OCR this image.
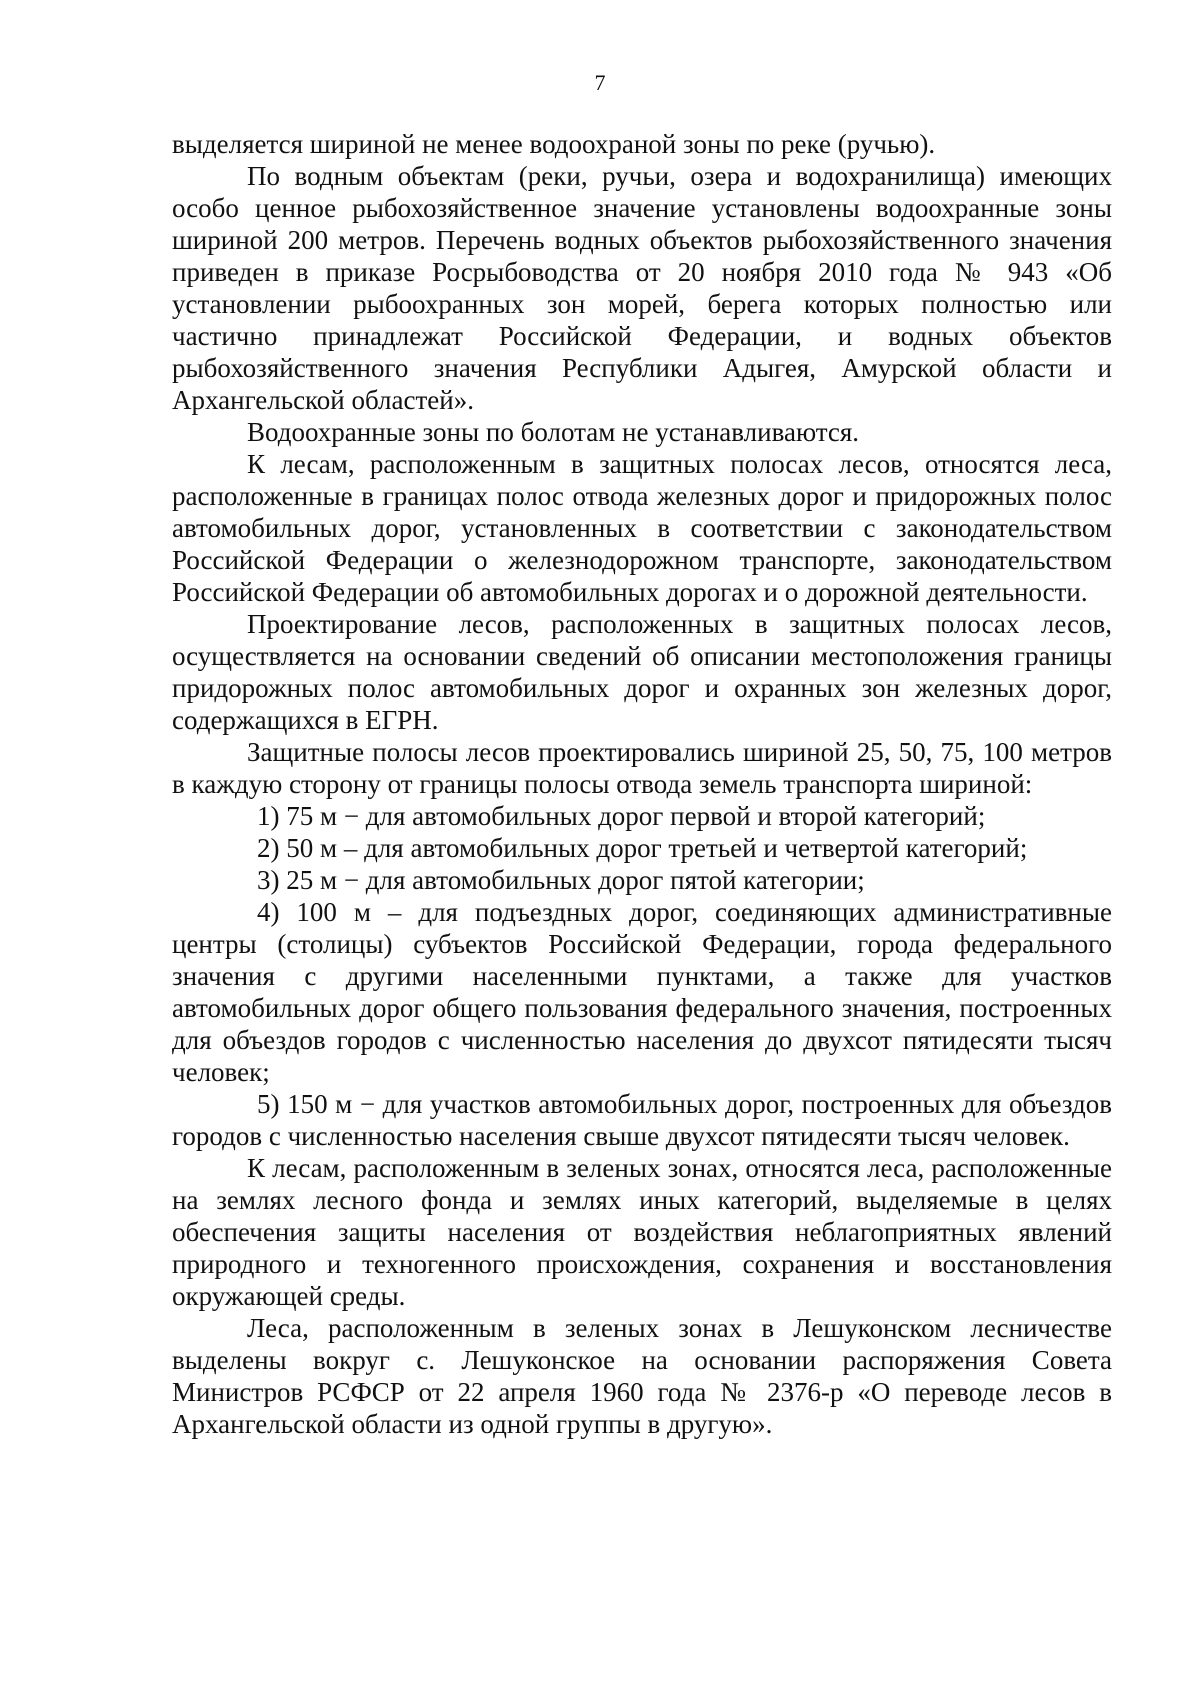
7

выделяется шириной не менее водоохраной зоны по реке (ручью).

По водным объектам (реки, ручьи, озера и водохранилища) имеющих особо ценное рыбохозяйственное значение установлены водоохранные зоны шириной 200 метров. Перечень водных объектов рыбохозяйственного значения приведен в приказе Росрыбоводства от 20 ноября 2010 года № 943 «Об установлении рыбоохранных зон морей, берега которых полностью или частично принадлежат Российской Федерации, и водных объектов рыбохозяйственного значения Республики Адыгея, Амурской области и Архангельской областей».

Водоохранные зоны по болотам не устанавливаются.

К лесам, расположенным в защитных полосах лесов, относятся леса, расположенные в границах полос отвода железных дорог и придорожных полос автомобильных дорог, установленных в соответствии с законодательством Российской Федерации о железнодорожном транспорте, законодательством Российской Федерации об автомобильных дорогах и о дорожной деятельности.

Проектирование лесов, расположенных в защитных полосах лесов, осуществляется на основании сведений об описании местоположения границы придорожных полос автомобильных дорог и охранных зон железных дорог, содержащихся в ЕГРН.

Защитные полосы лесов проектировались шириной 25, 50, 75, 100 метров в каждую сторону от границы полосы отвода земель транспорта шириной:

1) 75 м − для автомобильных дорог первой и второй категорий;

2) 50 м – для автомобильных дорог третьей и четвертой категорий;

3) 25 м − для автомобильных дорог пятой категории;

4) 100 м – для подъездных дорог, соединяющих административные центры (столицы) субъектов Российской Федерации, города федерального значения с другими населенными пунктами, а также для участков автомобильных дорог общего пользования федерального значения, построенных для объездов городов с численностью населения до двухсот пятидесяти тысяч человек;

5) 150 м − для участков автомобильных дорог, построенных для объездов городов с численностью населения свыше двухсот пятидесяти тысяч человек.

К лесам, расположенным в зеленых зонах, относятся леса, расположенные на землях лесного фонда и землях иных категорий, выделяемые в целях обеспечения защиты населения от воздействия неблагоприятных явлений природного и техногенного происхождения, сохранения и восстановления окружающей среды.

Леса, расположенным в зеленых зонах в Лешуконском лесничестве выделены вокруг с. Лешуконское на основании распоряжения Совета Министров РСФСР от 22 апреля 1960 года № 2376-р «О переводе лесов в Архангельской области из одной группы в другую».
